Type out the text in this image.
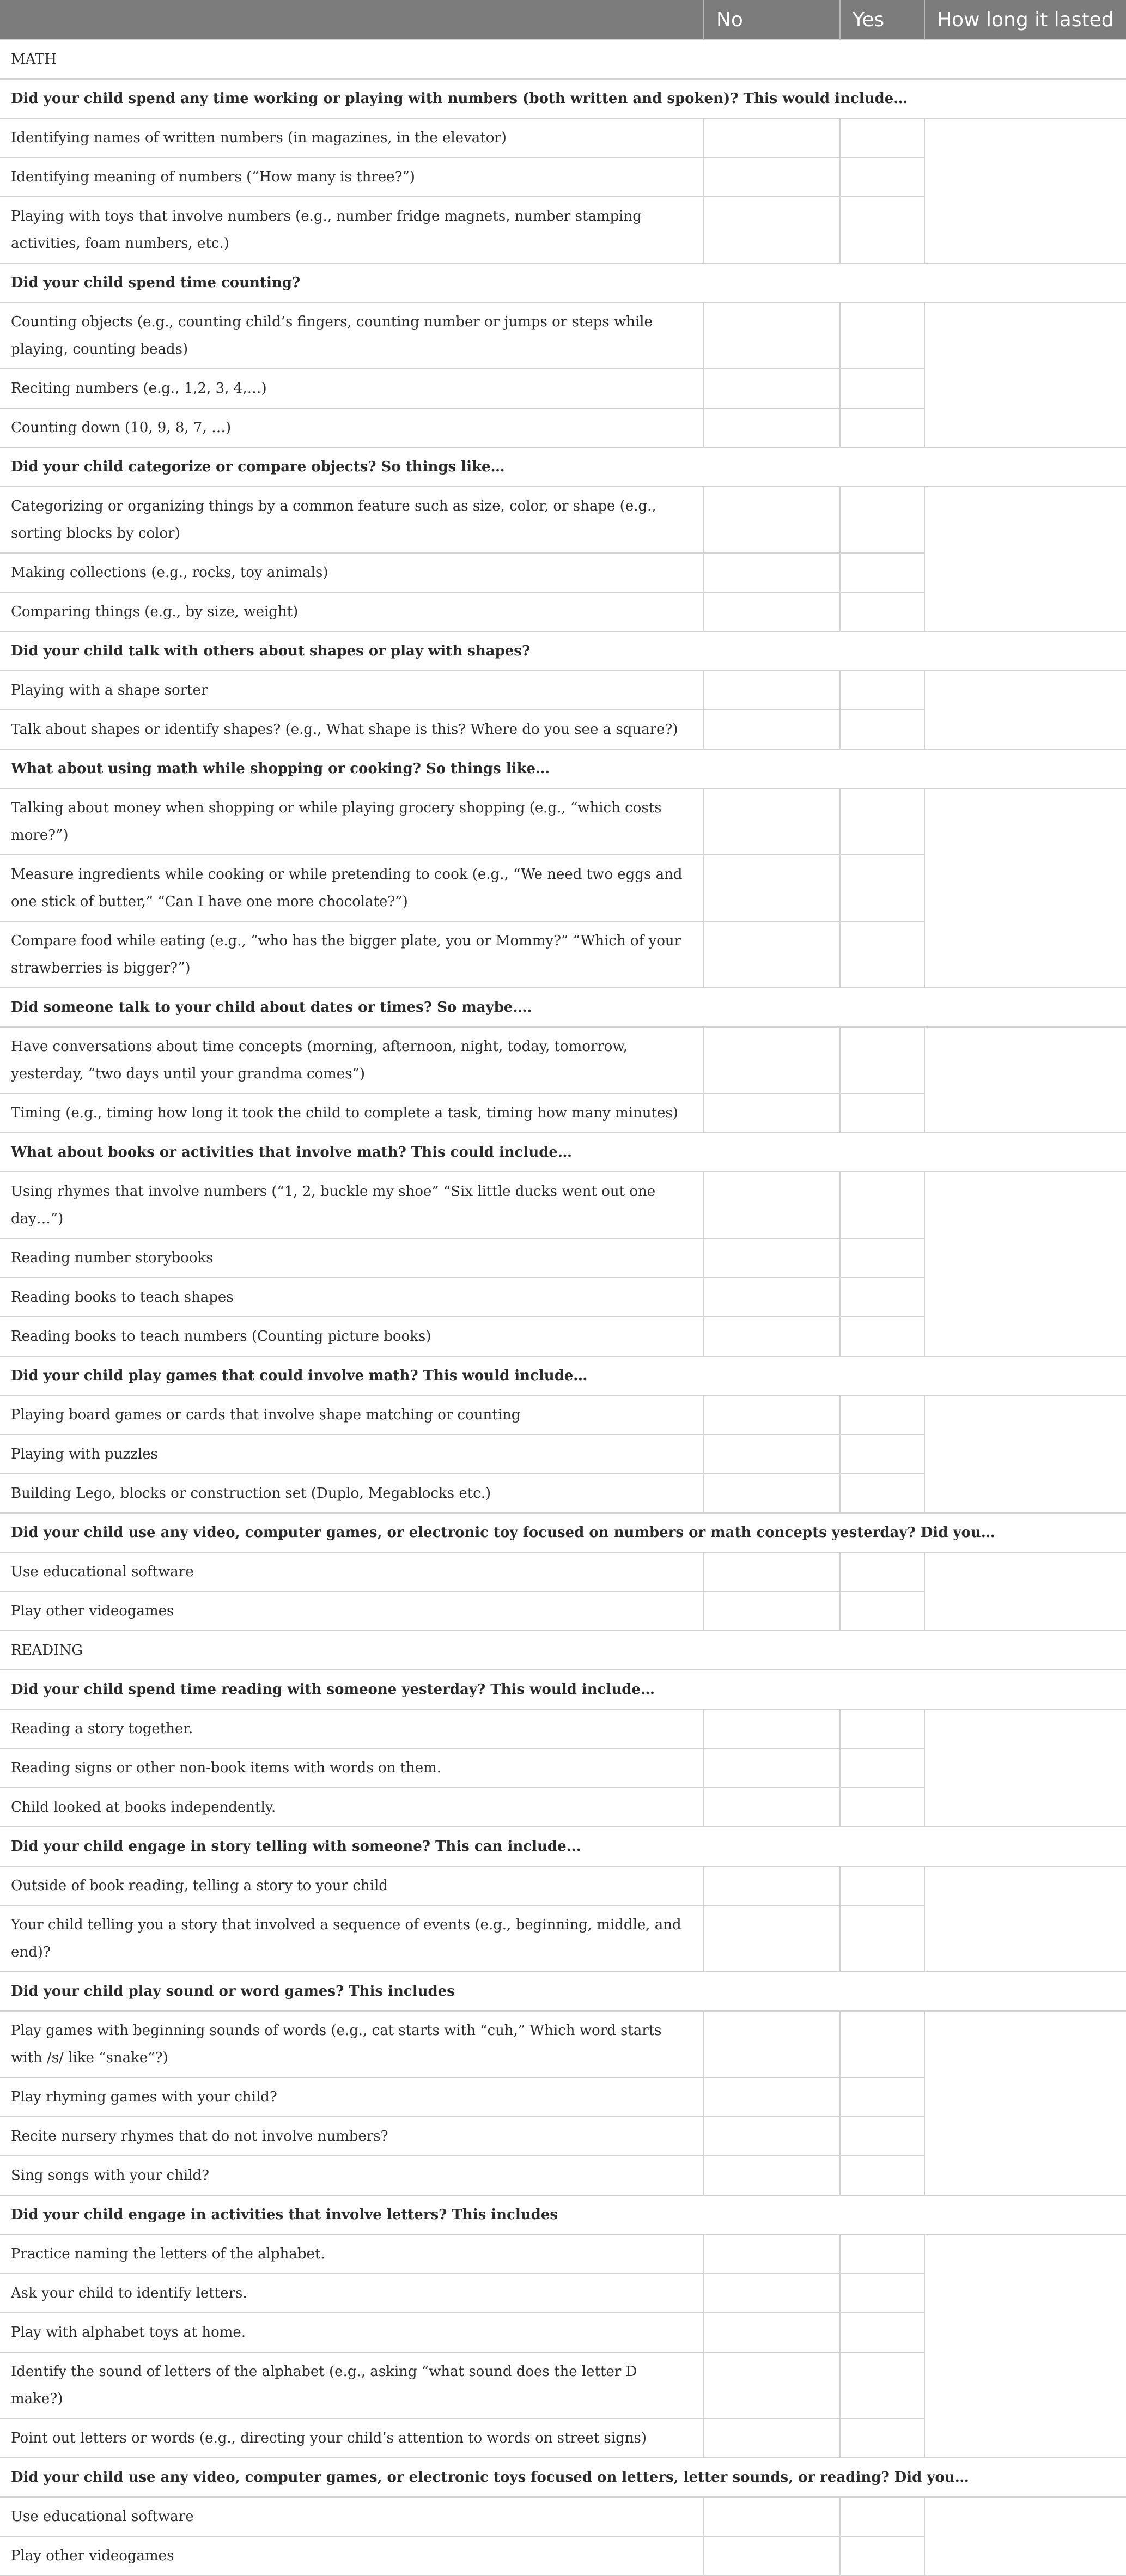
	No	Yes	How long it lasted
MATH			
Did your child spend any time working or playing with numbers (both written and spoken)? This would include…			
Identifying names of written numbers (in magazines, in the elevator)			
Identifying meaning of numbers (“How many is three?”)			
Playing with toys that involve numbers (e.g., number fridge magnets, number stamping activities, foam numbers, etc.)			
Did your child spend time counting?			
Counting objects (e.g., counting child’s fingers, counting number or jumps or steps while playing, counting beads)			
Reciting numbers (e.g., 1,2, 3, 4,…)			
Counting down (10, 9, 8, 7, …)			
Did your child categorize or compare objects? So things like…			
Categorizing or organizing things by a common feature such as size, color, or shape (e.g., sorting blocks by color)			
Making collections (e.g., rocks, toy animals)			
Comparing things (e.g., by size, weight)			
Did your child talk with others about shapes or play with shapes?			
Playing with a shape sorter			
Talk about shapes or identify shapes? (e.g., What shape is this? Where do you see a square?)			
What about using math while shopping or cooking? So things like…			
Talking about money when shopping or while playing grocery shopping (e.g., “which costs more?”)			
Measure ingredients while cooking or while pretending to cook (e.g., “We need two eggs and one stick of butter,” “Can I have one more chocolate?”)			
Compare food while eating (e.g., “who has the bigger plate, you or Mommy?” “Which of your strawberries is bigger?”)			
Did someone talk to your child about dates or times? So maybe….			
Have conversations about time concepts (morning, afternoon, night, today, tomorrow, yesterday, “two days until your grandma comes”)			
Timing (e.g., timing how long it took the child to complete a task, timing how many minutes)			
What about books or activities that involve math? This could include…			
Using rhymes that involve numbers (“1, 2, buckle my shoe” “Six little ducks went out one day…”)			
Reading number storybooks			
Reading books to teach shapes			
Reading books to teach numbers (Counting picture books)			
Did your child play games that could involve math? This would include…			
Playing board games or cards that involve shape matching or counting			
Playing with puzzles			
Building Lego, blocks or construction set (Duplo, Megablocks etc.)			
Did your child use any video, computer games, or electronic toy focused on numbers or math concepts yesterday? Did you…			
Use educational software			
Play other videogames			
READING			
Did your child spend time reading with someone yesterday? This would include…			
Reading a story together.			
Reading signs or other non-book items with words on them.			
Child looked at books independently.			
Did your child engage in story telling with someone? This can include...			
Outside of book reading, telling a story to your child			
Your child telling you a story that involved a sequence of events (e.g., beginning, middle, and end)?			
Did your child play sound or word games? This includes			
Play games with beginning sounds of words (e.g., cat starts with “cuh,” Which word starts with /s/ like “snake”?)			
Play rhyming games with your child?			
Recite nursery rhymes that do not involve numbers?			
Sing songs with your child?			
Did your child engage in activities that involve letters? This includes			
Practice naming the letters of the alphabet.			
Ask your child to identify letters.			
Play with alphabet toys at home.			
Identify the sound of letters of the alphabet (e.g., asking “what sound does the letter D make?)			
Point out letters or words (e.g., directing your child’s attention to words on street signs)			
Did your child use any video, computer games, or electronic toys focused on letters, letter sounds, or reading? Did you…			
Use educational software			
Play other videogames			
